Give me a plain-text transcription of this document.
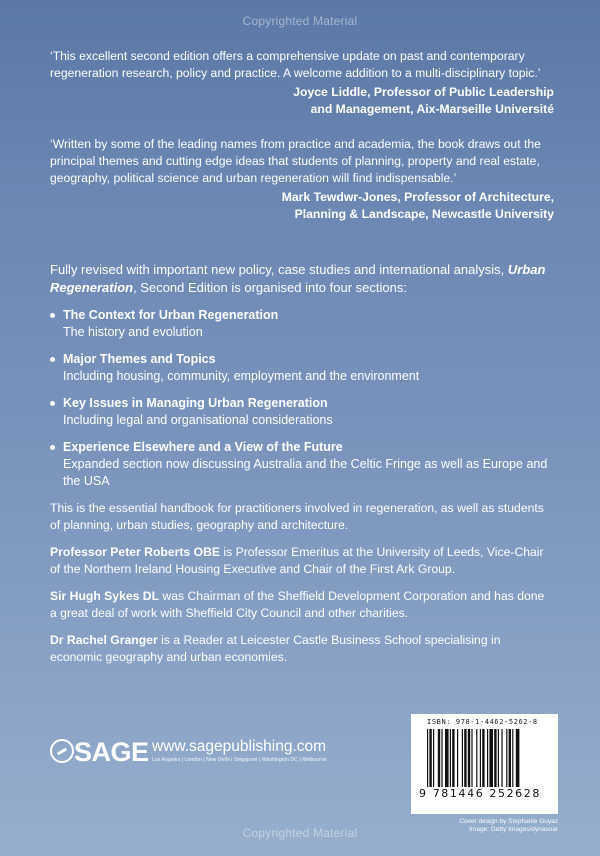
Copyrighted Material

‘This excellent second edition offers a comprehensive update on past and contemporary regeneration research, policy and practice. A welcome addition to a multi-disciplinary topic.’

Joyce Liddle, Professor of Public Leadership
and Management, Aix-Marseille Université

‘Written by some of the leading names from practice and academia, the book draws out the principal themes and cutting edge ideas that students of planning, property and real estate, geography, political science and urban regeneration will find indispensable.’

Mark Tewdwr-Jones, Professor of Architecture,
Planning & Landscape, Newcastle University

Fully revised with important new policy, case studies and international analysis, Urban Regeneration, Second Edition is organised into four sections:

The Context for Urban Regeneration
The history and evolution
Major Themes and Topics
Including housing, community, employment and the environment
Key Issues in Managing Urban Regeneration
Including legal and organisational considerations
Experience Elsewhere and a View of the Future
Expanded section now discussing Australia and the Celtic Fringe as well as Europe and the USA

This is the essential handbook for practitioners involved in regeneration, as well as students of planning, urban studies, geography and architecture.

Professor Peter Roberts OBE is Professor Emeritus at the University of Leeds, Vice-Chair of the Northern Ireland Housing Executive and Chair of the First Ark Group.

Sir Hugh Sykes DL was Chairman of the Sheffield Development Corporation and has done a great deal of work with Sheffield City Council and other charities.

Dr Rachel Granger is a Reader at Leicester Castle Business School specialising in economic geography and urban economies.

SAGE www.sagepublishing.com
Los Angeles | London | New Delhi | Singapore | Washington DC | Melbourne
ISBN: 978-1-4462-5262-8
9 781446 252628
Cover design by Stephanie Guyaz
Image: Getty Images/dynasoar
Copyrighted Material
